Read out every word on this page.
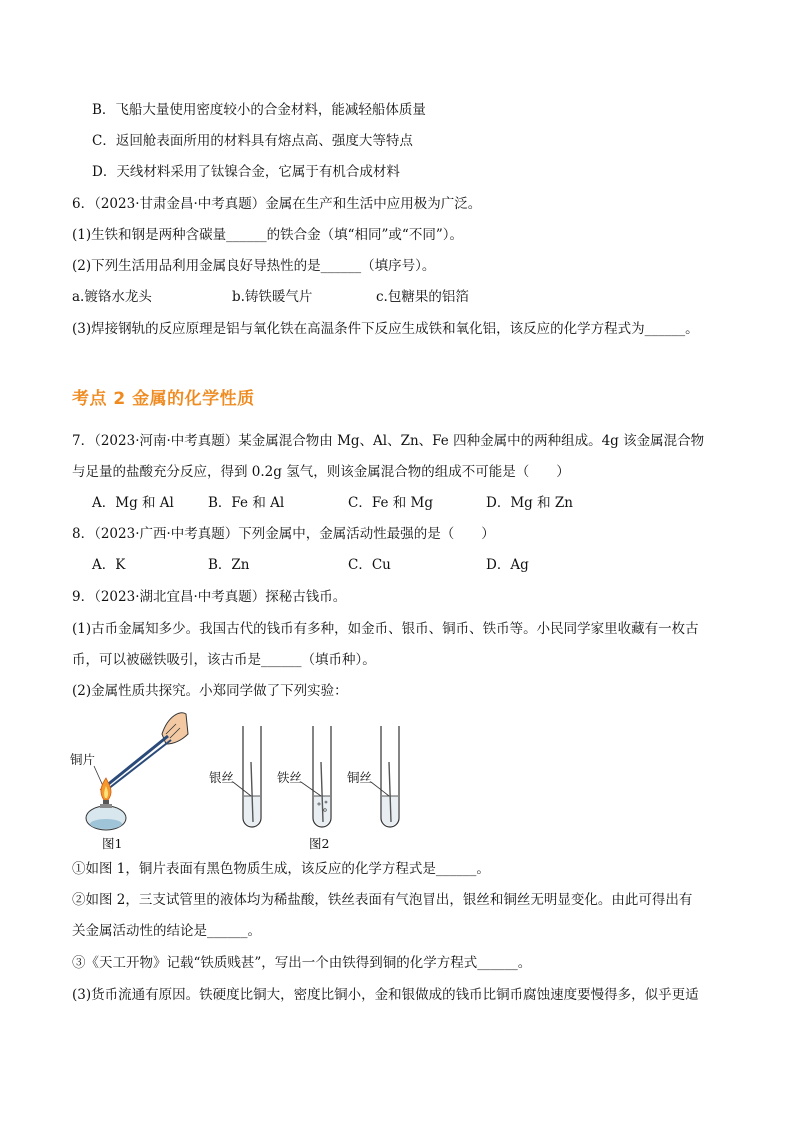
B．飞船大量使用密度较小的合金材料，能减轻船体质量
C．返回舱表面所用的材料具有熔点高、强度大等特点
D．天线材料采用了钛镍合金，它属于有机合成材料
6．（2023·甘肃金昌·中考真题）金属在生产和生活中应用极为广泛。
(1)生铁和钢是两种含碳量______的铁合金（填“相同”或“不同”）。
(2)下列生活用品利用金属良好导热性的是______（填序号）。
a.镀铬水龙头	b.铸铁暖气片	c.包糖果的铝箔
(3)焊接钢轨的反应原理是铝与氧化铁在高温条件下反应生成铁和氧化铝，该反应的化学方程式为______。
考点 2 金属的化学性质
7．（2023·河南·中考真题）某金属混合物由 Mg、Al、Zn、Fe 四种金属中的两种组成。4g 该金属混合物
与足量的盐酸充分反应，得到 0.2g 氢气，则该金属混合物的组成不可能是（　　）
A．Mg 和 Al	B．Fe 和 Al	C．Fe 和 Mg	D．Mg 和 Zn
8．（2023·广西·中考真题）下列金属中，金属活动性最强的是（　　）
A．K	B．Zn	C．Cu	D．Ag
9．（2023·湖北宜昌·中考真题）探秘古钱币。
(1)古币金属知多少。我国古代的钱币有多种，如金币、银币、铜币、铁币等。小民同学家里收藏有一枚古
币，可以被磁铁吸引，该古币是______（填币种）。
(2)金属性质共探究。小郑同学做了下列实验：
铜片
图1
银丝	铁丝	铜丝
图2
①如图 1，铜片表面有黑色物质生成，该反应的化学方程式是______。
②如图 2，三支试管里的液体均为稀盐酸，铁丝表面有气泡冒出，银丝和铜丝无明显变化。由此可得出有
关金属活动性的结论是______。
③《天工开物》记载“铁质贱甚”，写出一个由铁得到铜的化学方程式______。
(3)货币流通有原因。铁硬度比铜大，密度比铜小，金和银做成的钱币比铜币腐蚀速度要慢得多，似乎更适
